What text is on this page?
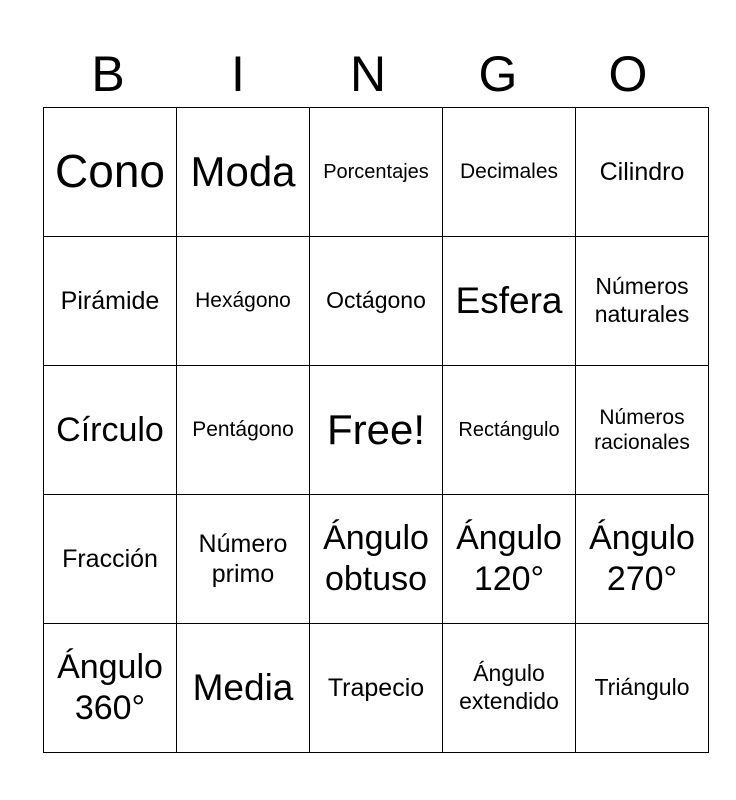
B	I	N	G	O
Cono	Moda	Porcentajes	Decimales	Cilindro
Pirámide	Hexágono	Octágono	Esfera	Números naturales
Círculo	Pentágono	Free!	Rectángulo	Números racionales
Fracción	Número primo	Ángulo obtuso	Ángulo 120°	Ángulo 270°
Ángulo 360°	Media	Trapecio	Ángulo extendido	Triángulo
